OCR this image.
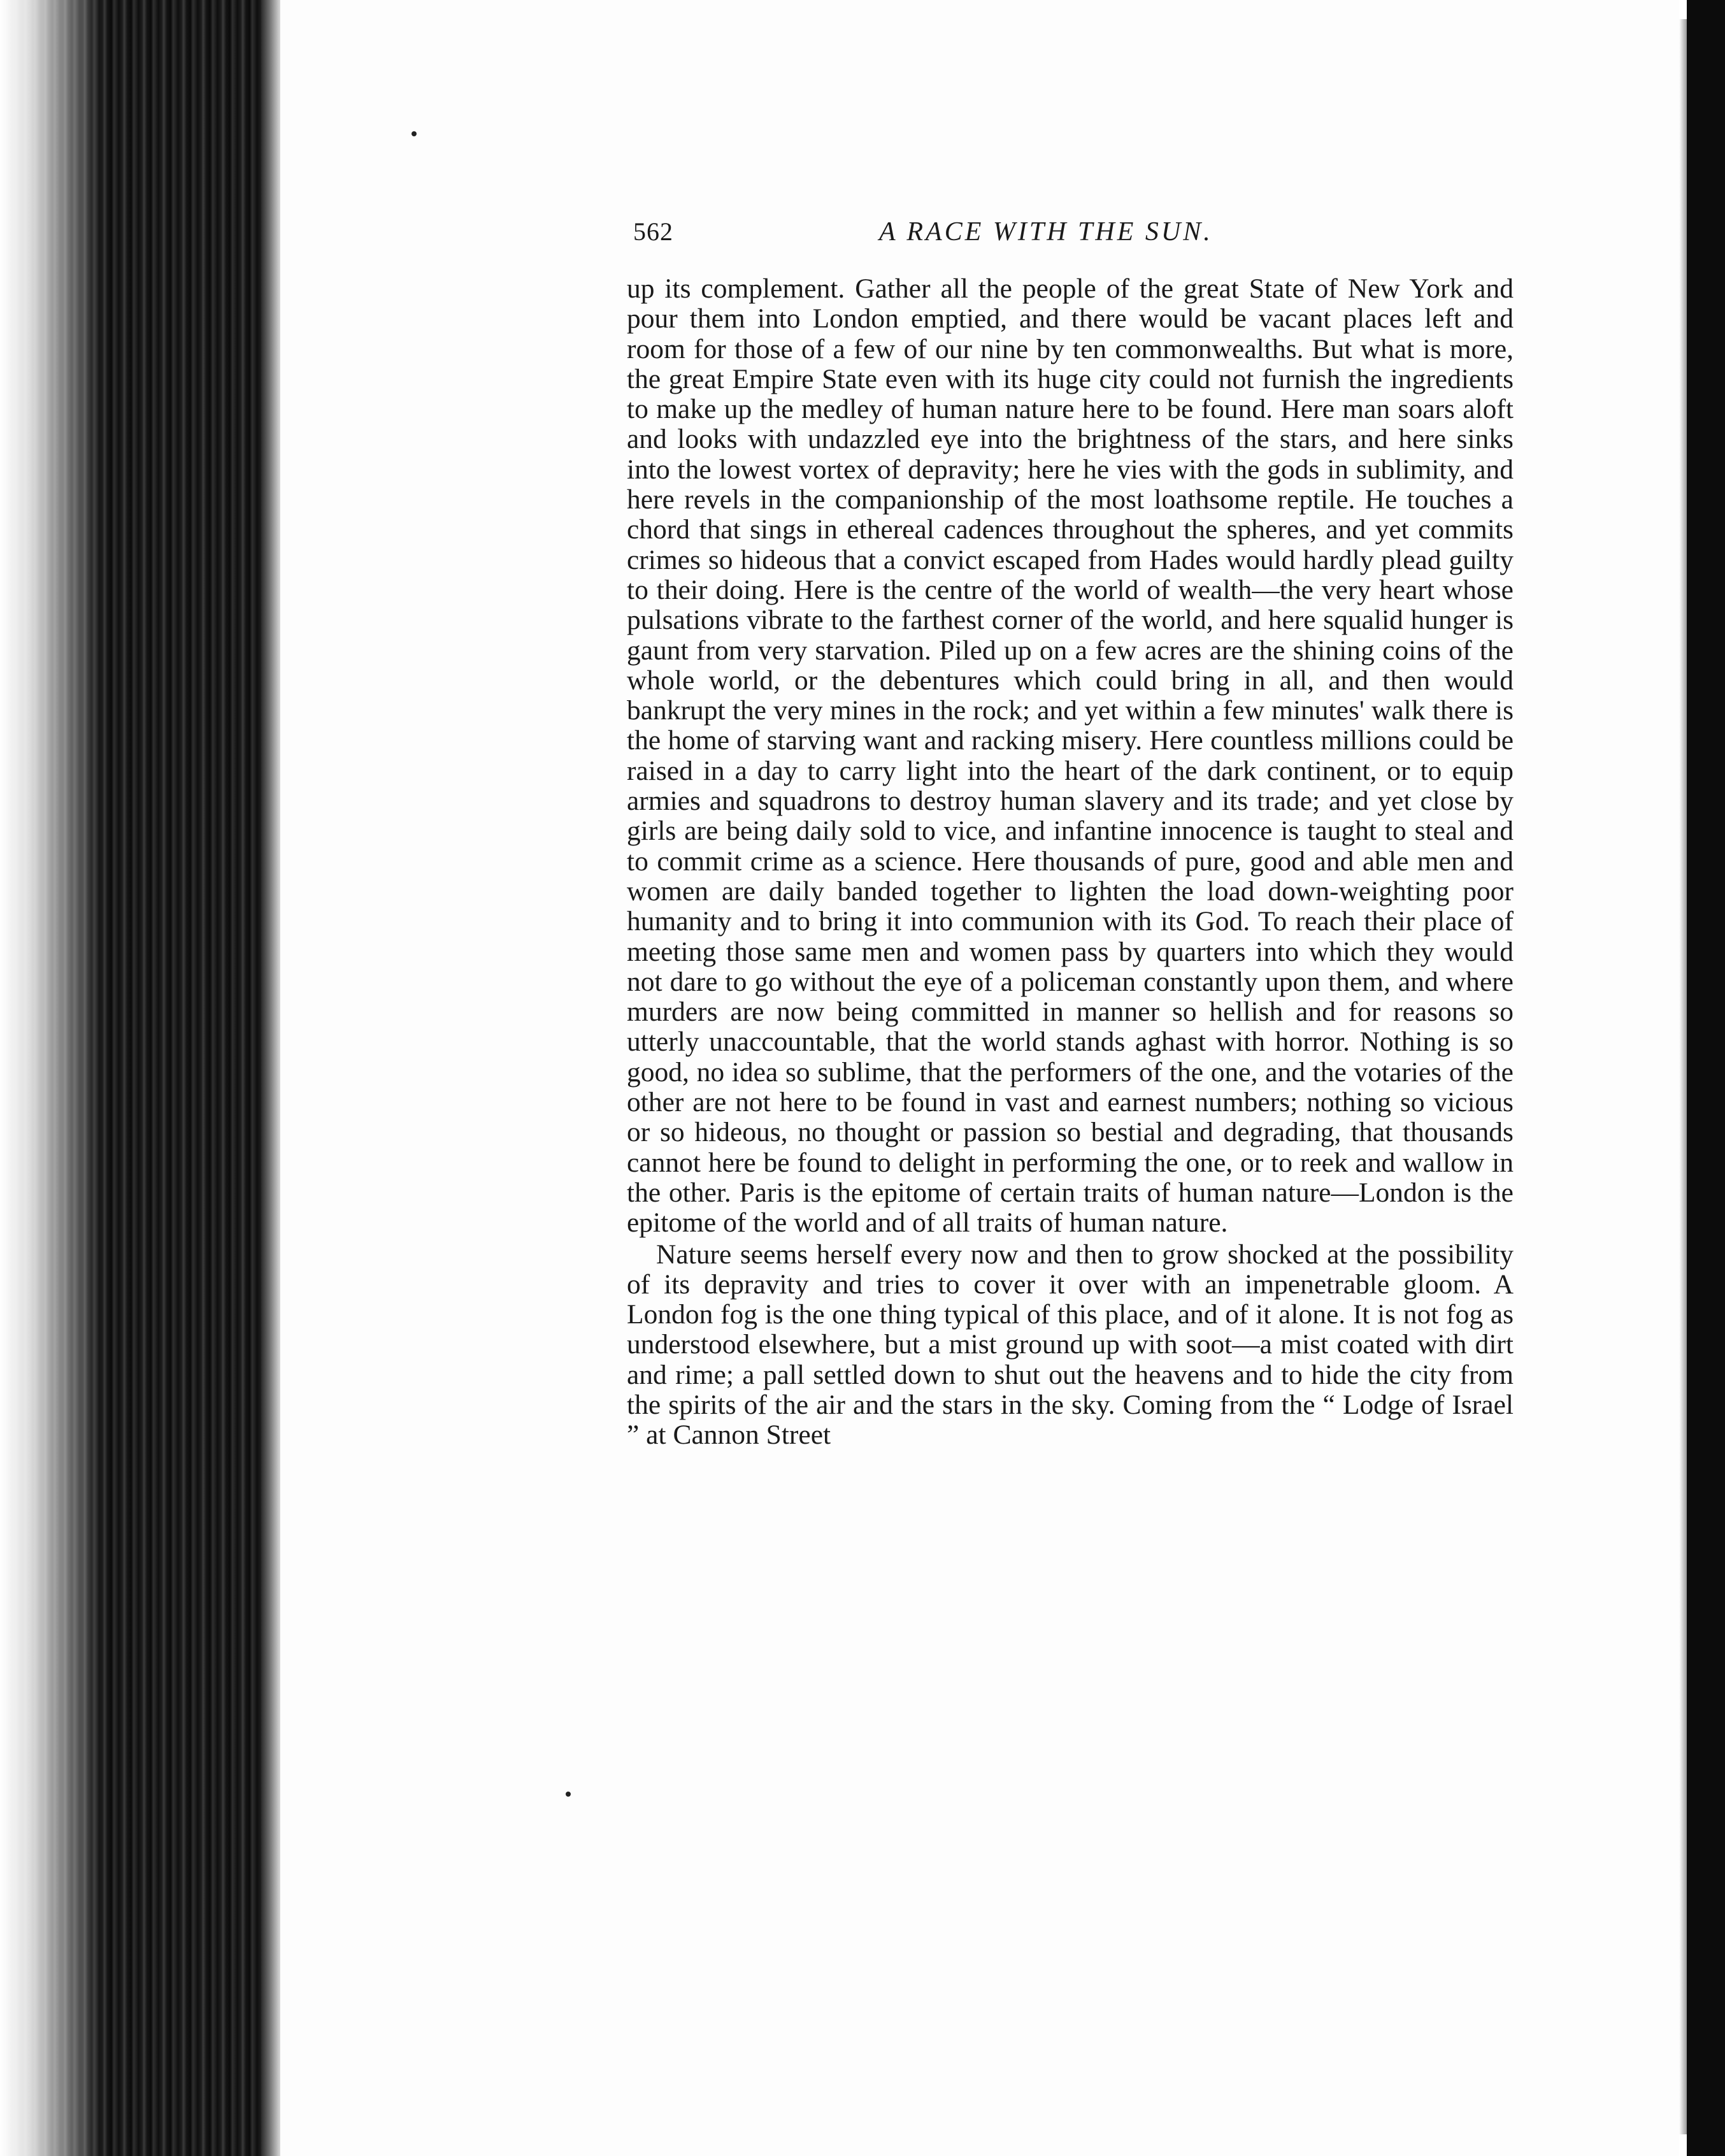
562	A RACE WITH THE SUN.

up its complement. Gather all the people of the great State of New York and pour them into London emptied, and there would be vacant places left and room for those of a few of our nine by ten commonwealths. But what is more, the great Empire State even with its huge city could not furnish the ingredients to make up the medley of human nature here to be found. Here man soars aloft and looks with undazzled eye into the brightness of the stars, and here sinks into the lowest vortex of depravity; here he vies with the gods in sublimity, and here revels in the companionship of the most loathsome reptile. He touches a chord that sings in ethereal cadences throughout the spheres, and yet commits crimes so hideous that a convict escaped from Hades would hardly plead guilty to their doing. Here is the centre of the world of wealth—the very heart whose pulsations vibrate to the farthest corner of the world, and here squalid hunger is gaunt from very starvation. Piled up on a few acres are the shining coins of the whole world, or the debentures which could bring in all, and then would bankrupt the very mines in the rock; and yet within a few minutes' walk there is the home of starving want and racking misery. Here countless millions could be raised in a day to carry light into the heart of the dark continent, or to equip armies and squadrons to destroy human slavery and its trade; and yet close by girls are being daily sold to vice, and infantine innocence is taught to steal and to commit crime as a science. Here thousands of pure, good and able men and women are daily banded together to lighten the load down-weighting poor humanity and to bring it into communion with its God. To reach their place of meeting those same men and women pass by quarters into which they would not dare to go without the eye of a policeman constantly upon them, and where murders are now being committed in manner so hellish and for reasons so utterly unaccountable, that the world stands aghast with horror. Nothing is so good, no idea so sublime, that the performers of the one, and the votaries of the other are not here to be found in vast and earnest numbers; nothing so vicious or so hideous, no thought or passion so bestial and degrading, that thousands cannot here be found to delight in performing the one, or to reek and wallow in the other. Paris is the epitome of certain traits of human nature—London is the epitome of the world and of all traits of human nature.

Nature seems herself every now and then to grow shocked at the possibility of its depravity and tries to cover it over with an impenetrable gloom. A London fog is the one thing typical of this place, and of it alone. It is not fog as understood elsewhere, but a mist ground up with soot—a mist coated with dirt and rime; a pall settled down to shut out the heavens and to hide the city from the spirits of the air and the stars in the sky. Coming from the “ Lodge of Israel ” at Cannon Street
